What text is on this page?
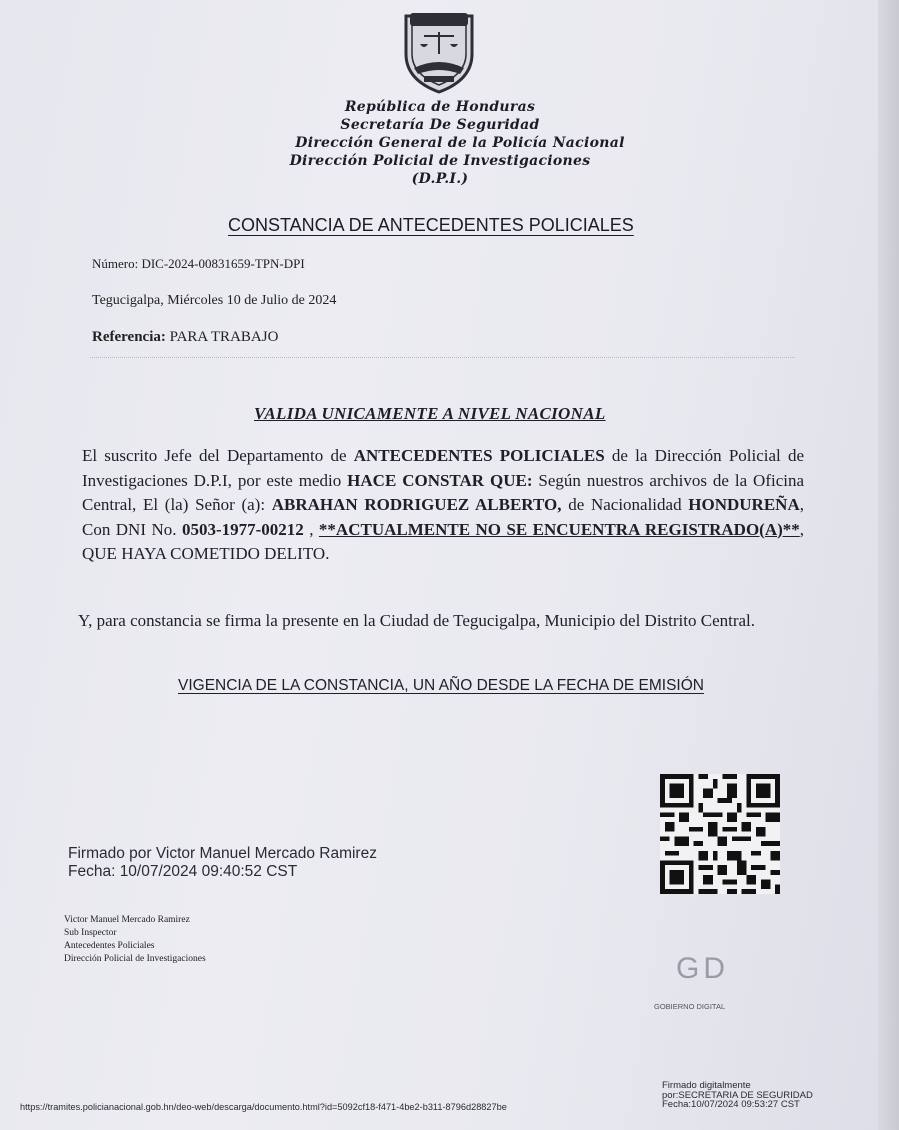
República de Honduras
Secretaría De Seguridad
Dirección General de la Policía Nacional
Dirección Policial de Investigaciones
(D.P.I.)
CONSTANCIA DE ANTECEDENTES POLICIALES
Número: DIC-2024-00831659-TPN-DPI
Tegucigalpa, Miércoles 10 de Julio de 2024
Referencia: PARA TRABAJO
VALIDA UNICAMENTE A NIVEL NACIONAL
El suscrito Jefe del Departamento de ANTECEDENTES POLICIALES de la Dirección Policial de Investigaciones D.P.I, por este medio HACE CONSTAR QUE: Según nuestros archivos de la Oficina Central, El (la) Señor (a): ABRAHAN RODRIGUEZ ALBERTO, de Nacionalidad HONDUREÑA, Con DNI No. 0503-1977-00212 , **ACTUALMENTE NO SE ENCUENTRA REGISTRADO(A)**, QUE HAYA COMETIDO DELITO.
Y, para constancia se firma la presente en la Ciudad de Tegucigalpa, Municipio del Distrito Central.
VIGENCIA DE LA CONSTANCIA, UN AÑO DESDE LA FECHA DE EMISIÓN
Firmado por Victor Manuel Mercado Ramirez
Fecha: 10/07/2024 09:40:52 CST
Victor Manuel Mercado Ramirez
Sub Inspector
Antecedentes Policiales
Dirección Policial de Investigaciones	GD
GOBIERNO DIGITAL
Firmado digitalmente
por:SECRETARIA DE SEGURIDAD
Fecha:10/07/2024 09:53:27 CST
https://tramites.policianacional.gob.hn/deo-web/descarga/documento.html?id=5092cf18-f471-4be2-b311-8796d28827be
